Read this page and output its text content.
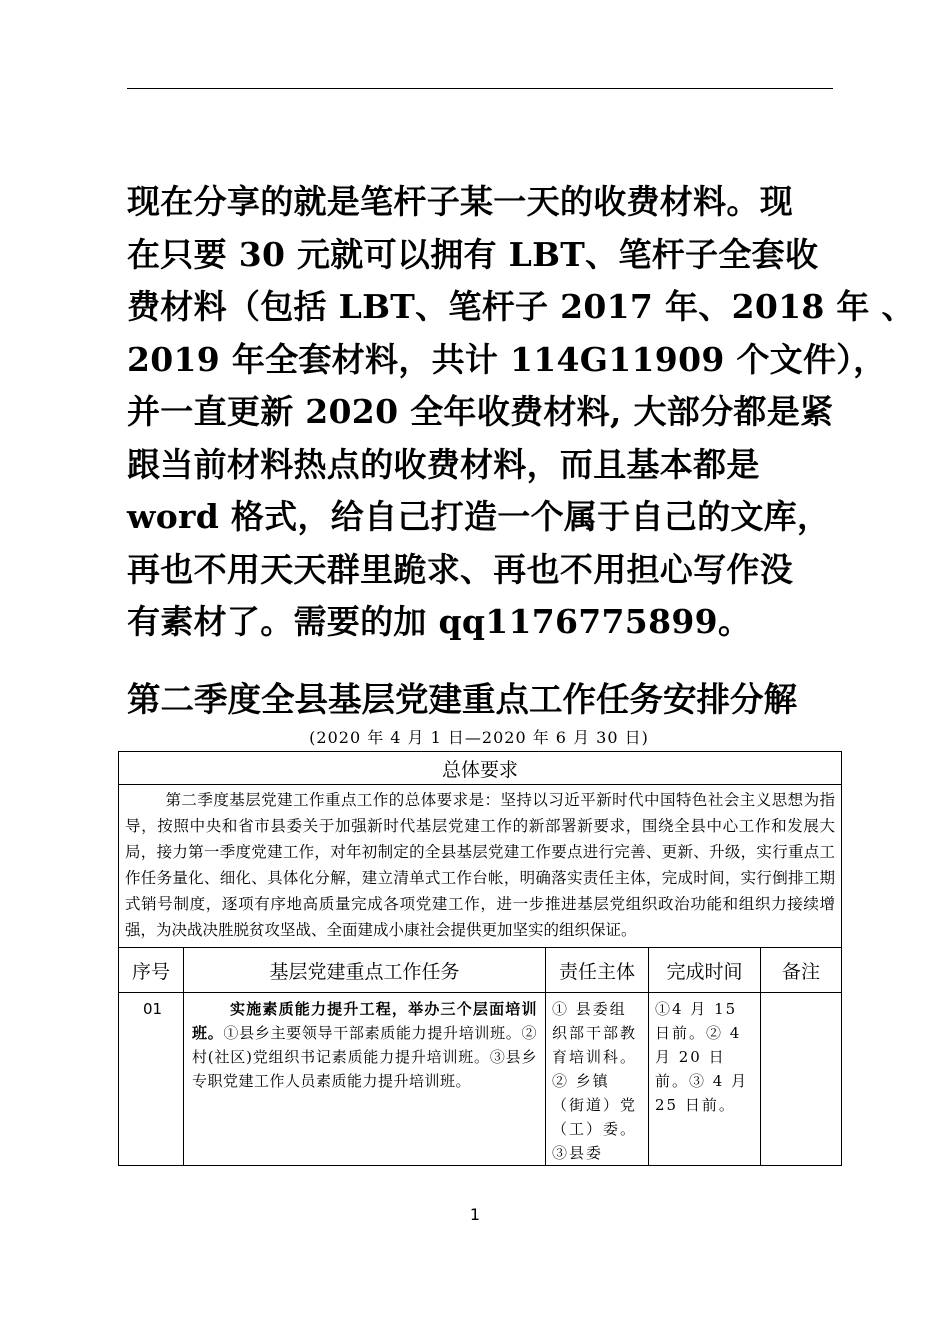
现在分享的就是笔杆子某一天的收费材料。现
在只要 30 元就可以拥有 LBT、笔杆子全套收
费材料（包括 LBT、笔杆子 2017 年、2018 年 、
2019 年全套材料，共计 114G11909 个文件），
并一直更新 2020 全年收费材料, 大部分都是紧
跟当前材料热点的收费材料，而且基本都是
word 格式，给自己打造一个属于自己的文库，
再也不用天天群里跪求、再也不用担心写作没
有素材了。需要的加 qq1176775899。
第二季度全县基层党建重点工作任务安排分解
(2020 年 4 月 1 日—2020 年 6 月 30 日)
总体要求				
第二季度基层党建工作重点工作的总体要求是：坚持以习近平新时代中国特色社会主义思想为指导，按照中央和省市县委关于加强新时代基层党建工作的新部署新要求，围绕全县中心工作和发展大局，接力第一季度党建工作，对年初制定的全县基层党建工作要点进行完善、更新、升级，实行重点工作任务量化、细化、具体化分解，建立清单式工作台帐，明确落实责任主体，完成时间，实行倒排工期式销号制度，逐项有序地高质量完成各项党建工作，进一步推进基层党组织政治功能和组织力接续增强，为决战决胜脱贫攻坚战、全面建成小康社会提供更加坚实的组织保证。				
序号	基层党建重点工作任务	责任主体	完成时间	备注
01	实施素质能力提升工程，举办三个层面培训班。①县乡主要领导干部素质能力提升培训班。②村(社区)党组织书记素质能力提升培训班。③县乡专职党建工作人员素质能力提升培训班。	① 县委组织部干部教育培训科。② 乡镇（街道）党（工）委。③县委	①4 月 15 日前。② 4 月 20 日前。③ 4 月 25 日前。	
1
